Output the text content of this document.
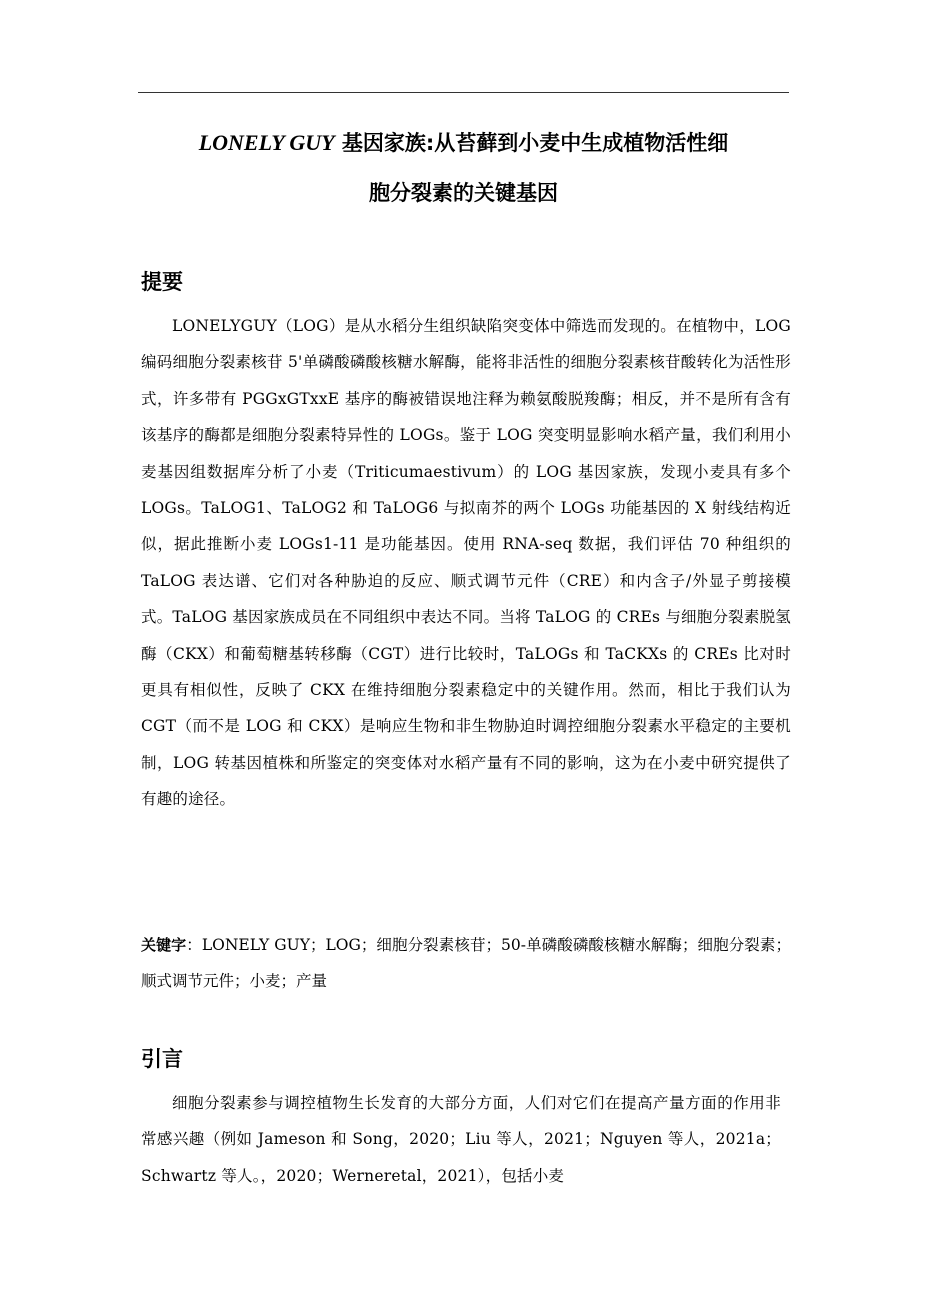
LONELY GUY 基因家族:从苔藓到小麦中生成植物活性细
胞分裂素的关键基因
提要

LONELYGUY（LOG）是从水稻分生组织缺陷突变体中筛选而发现的。在植物中，LOG 编码细胞分裂素核苷 5'单磷酸磷酸核糖水解酶，能将非活性的细胞分裂素核苷酸转化为活性形式，许多带有 PGGxGTxxE 基序的酶被错误地注释为赖氨酸脱羧酶；相反，并不是所有含有该基序的酶都是细胞分裂素特异性的 LOGs。鉴于 LOG 突变明显影响水稻产量，我们利用小麦基因组数据库分析了小麦（Triticumaestivum）的 LOG 基因家族，发现小麦具有多个 LOGs。TaLOG1、TaLOG2 和 TaLOG6 与拟南芥的两个 LOGs 功能基因的 X 射线结构近似，据此推断小麦 LOGs1-11 是功能基因。使用 RNA-seq 数据，我们评估 70 种组织的 TaLOG 表达谱、它们对各种胁迫的反应、顺式调节元件（CRE）和内含子/外显子剪接模式。TaLOG 基因家族成员在不同组织中表达不同。当将 TaLOG 的 CREs 与细胞分裂素脱氢酶（CKX）和葡萄糖基转移酶（CGT）进行比较时，TaLOGs 和 TaCKXs 的 CREs 比对时更具有相似性，反映了 CKX 在维持细胞分裂素稳定中的关键作用。然而，相比于我们认为 CGT（而不是 LOG 和 CKX）是响应生物和非生物胁迫时调控细胞分裂素水平稳定的主要机制，LOG 转基因植株和所鉴定的突变体对水稻产量有不同的影响，这为在小麦中研究提供了有趣的途径。

关键字：LONELY GUY；LOG；细胞分裂素核苷；50-单磷酸磷酸核糖水解酶；细胞分裂素；顺式调节元件；小麦；产量

引言

细胞分裂素参与调控植物生长发育的大部分方面，人们对它们在提高产量方面的作用非常感兴趣（例如 Jameson 和 Song，2020；Liu 等人，2021；Nguyen 等人，2021a；Schwartz 等人。，2020；Werneretal，2021），包括小麦
